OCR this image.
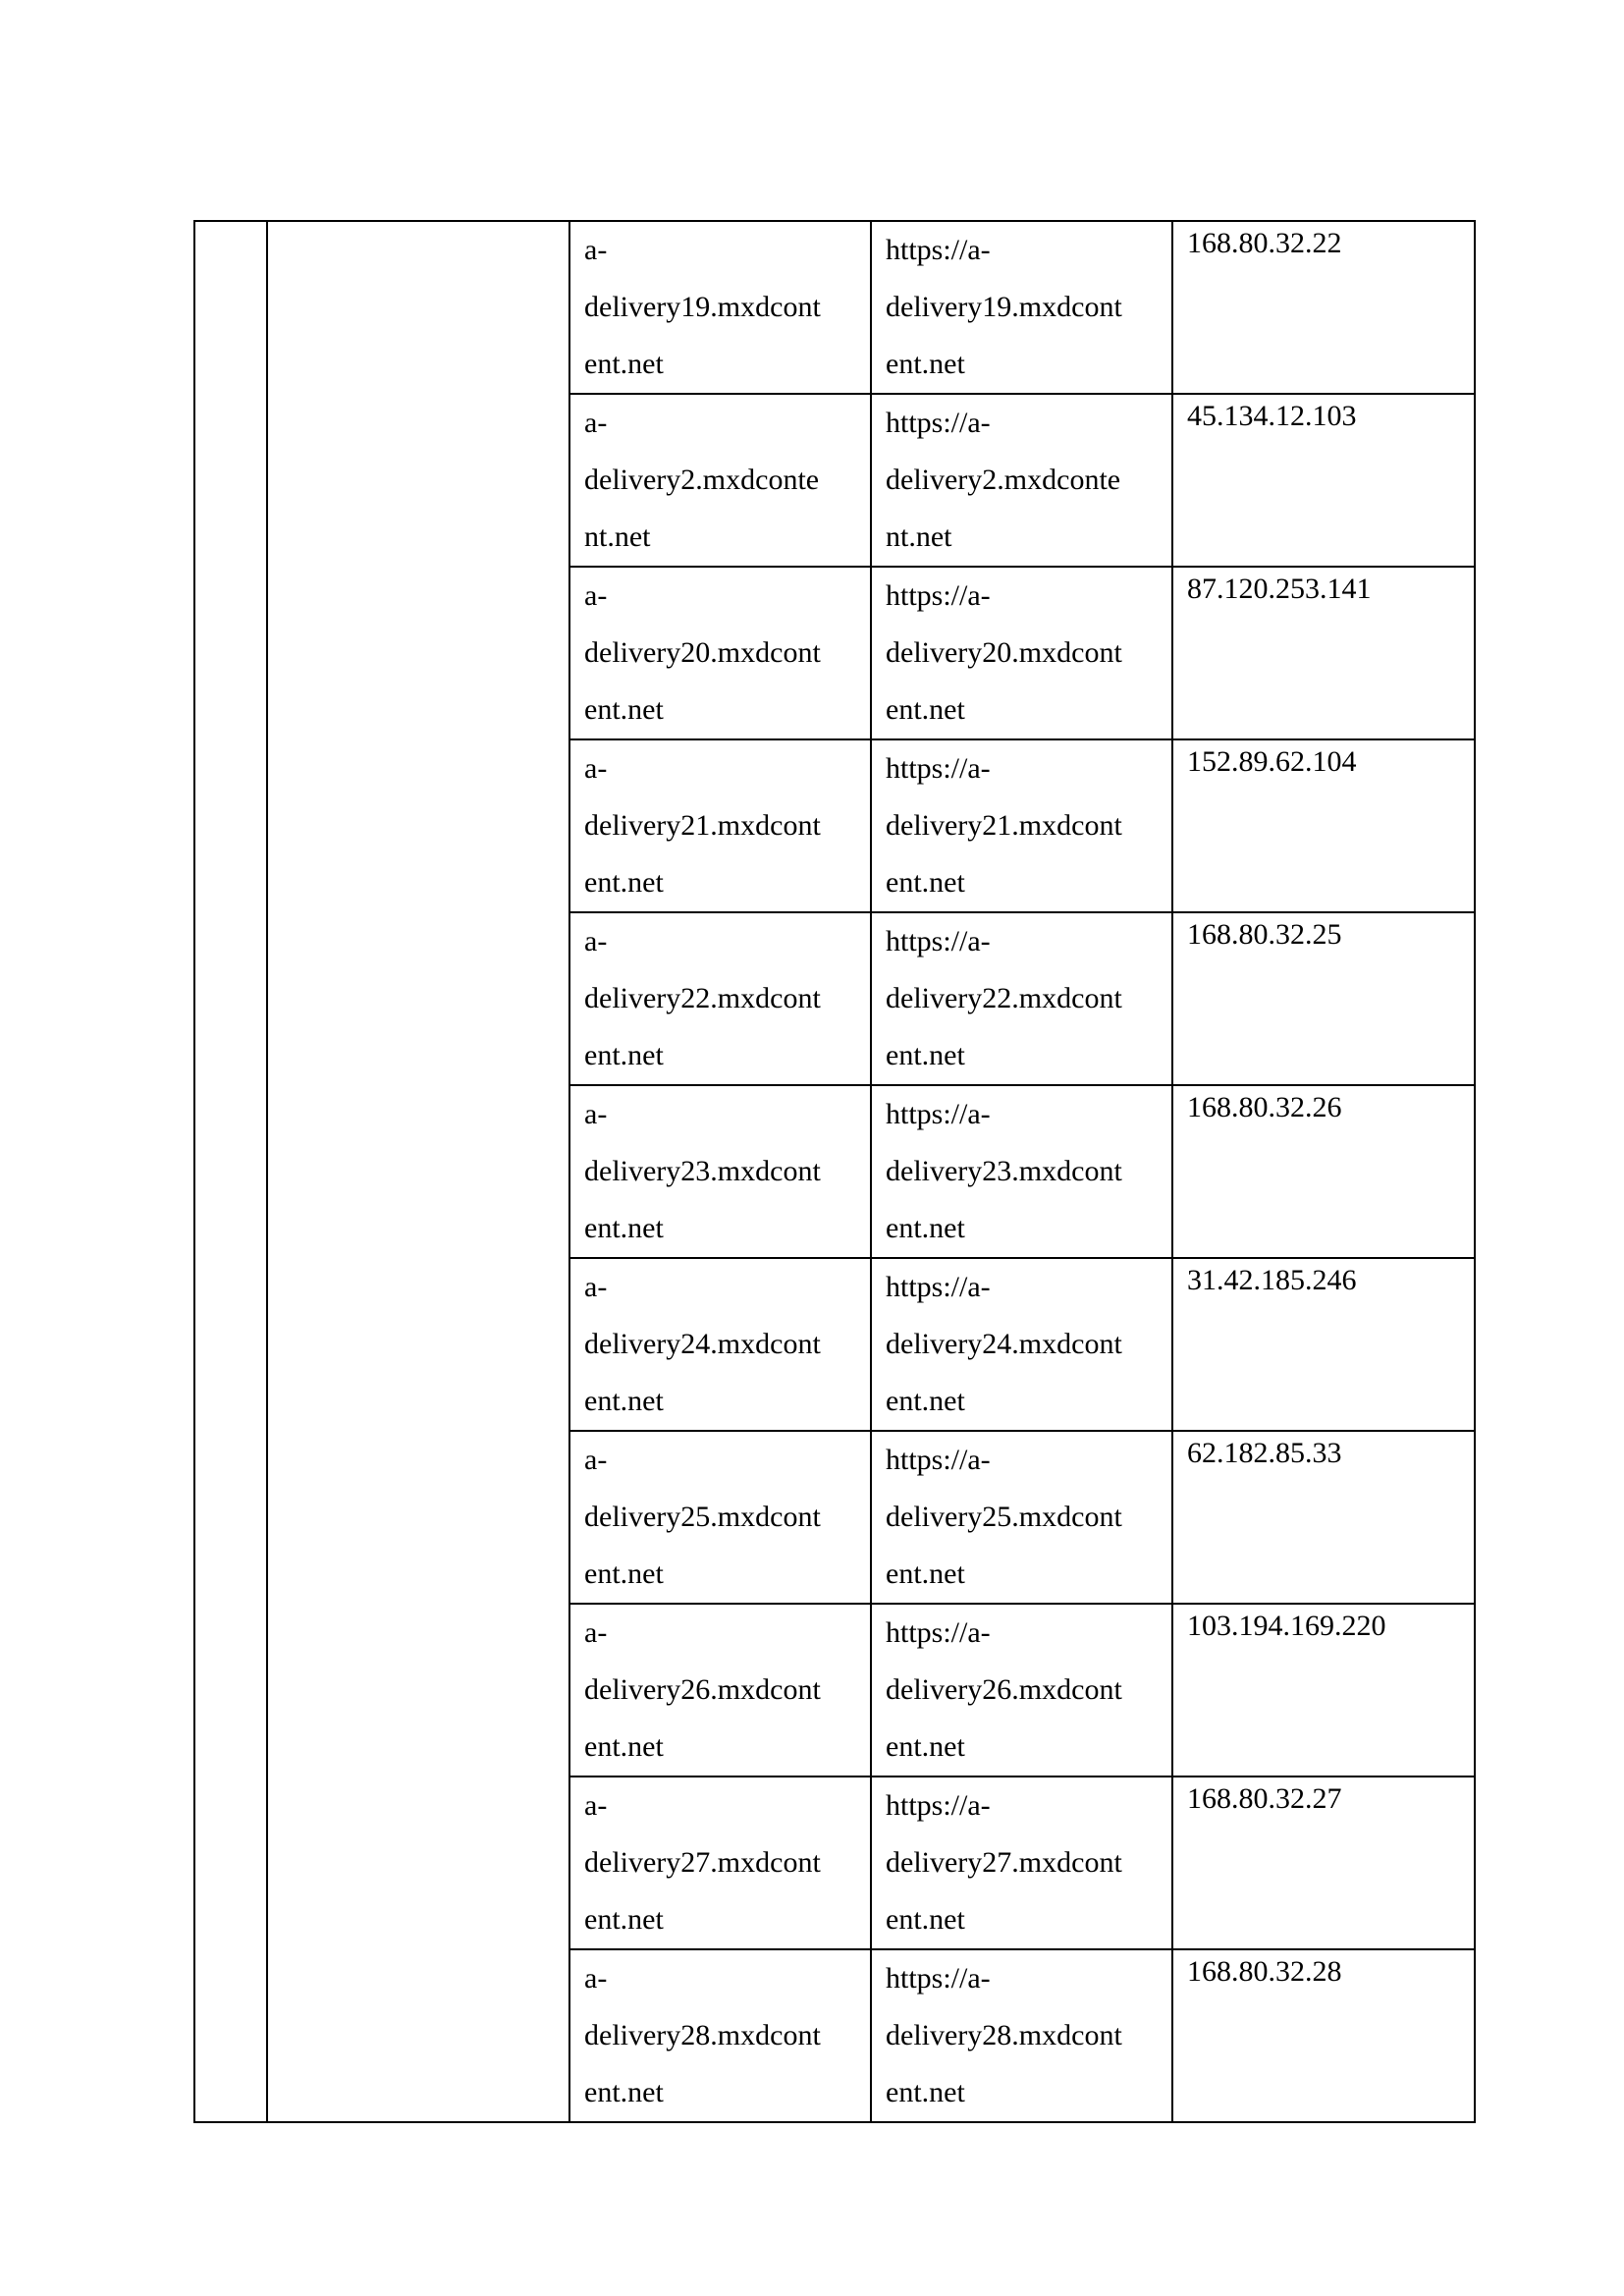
		a-
delivery19.mxdcont
ent.net	https://a-
delivery19.mxdcont
ent.net	168.80.32.22

		a-
delivery2.mxdconte
nt.net	https://a-
delivery2.mxdconte
nt.net	45.134.12.103

		a-
delivery20.mxdcont
ent.net	https://a-
delivery20.mxdcont
ent.net	87.120.253.141

		a-
delivery21.mxdcont
ent.net	https://a-
delivery21.mxdcont
ent.net	152.89.62.104

		a-
delivery22.mxdcont
ent.net	https://a-
delivery22.mxdcont
ent.net	168.80.32.25

		a-
delivery23.mxdcont
ent.net	https://a-
delivery23.mxdcont
ent.net	168.80.32.26

		a-
delivery24.mxdcont
ent.net	https://a-
delivery24.mxdcont
ent.net	31.42.185.246

		a-
delivery25.mxdcont
ent.net	https://a-
delivery25.mxdcont
ent.net	62.182.85.33

		a-
delivery26.mxdcont
ent.net	https://a-
delivery26.mxdcont
ent.net	103.194.169.220

		a-
delivery27.mxdcont
ent.net	https://a-
delivery27.mxdcont
ent.net	168.80.32.27

		a-
delivery28.mxdcont
ent.net	https://a-
delivery28.mxdcont
ent.net	168.80.32.28
